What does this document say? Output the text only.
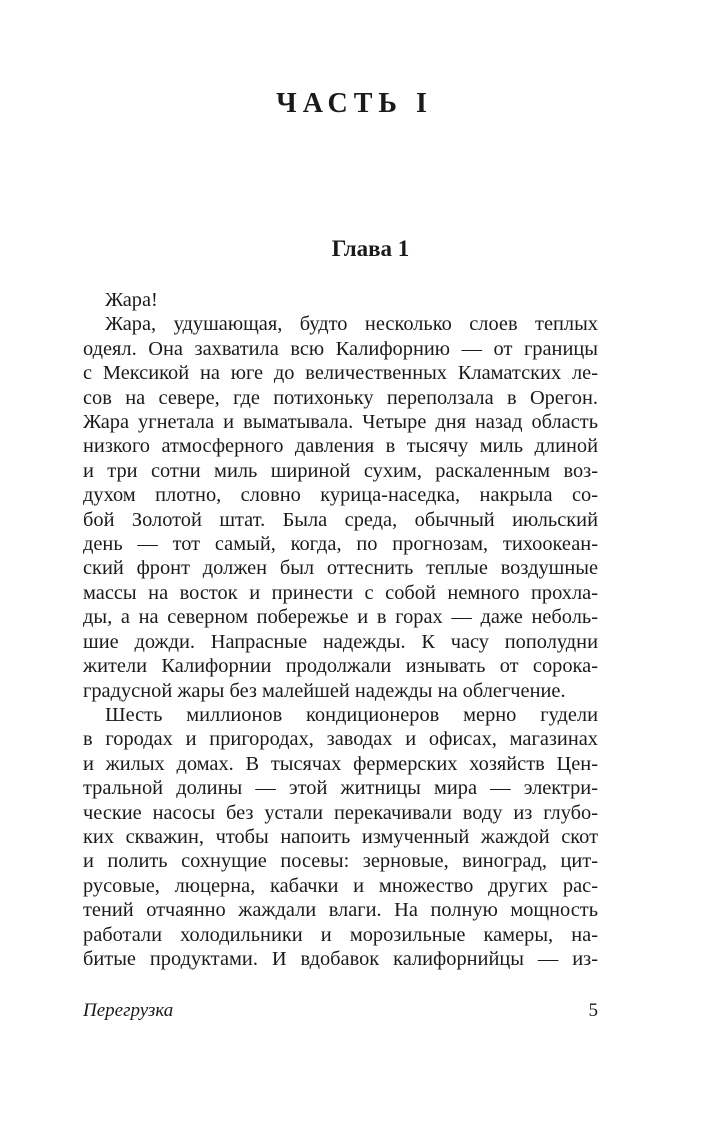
ЧАСТЬ I
Глава 1
Жара!
Жара, удушающая, будто несколько слоев теплых
одеял. Она захватила всю Калифорнию — от границы
с Мексикой на юге до величественных Кламатских ле-
сов на севере, где потихоньку переползала в Орегон.
Жара угнетала и выматывала. Четыре дня назад область
низкого атмосферного давления в тысячу миль длиной
и три сотни миль шириной сухим, раскаленным воз-
духом плотно, словно курица-наседка, накрыла со-
бой Золотой штат. Была среда, обычный июльский
день — тот самый, когда, по прогнозам, тихоокеан-
ский фронт должен был оттеснить теплые воздушные
массы на восток и принести с собой немного прохла-
ды, а на северном побережье и в горах — даже неболь-
шие дожди. Напрасные надежды. К часу пополудни
жители Калифорнии продолжали изнывать от сорока-
градусной жары без малейшей надежды на облегчение.
Шесть миллионов кондиционеров мерно гудели
в городах и пригородах, заводах и офисах, магазинах
и жилых домах. В тысячах фермерских хозяйств Цен-
тральной долины — этой житницы мира — электри-
ческие насосы без устали перекачивали воду из глубо-
ких скважин, чтобы напоить измученный жаждой скот
и полить сохнущие посевы: зерновые, виноград, цит-
русовые, люцерна, кабачки и множество других рас-
тений отчаянно жаждали влаги. На полную мощность
работали холодильники и морозильные камеры, на-
битые продуктами. И вдобавок калифорнийцы — из-
Перегрузка	5
